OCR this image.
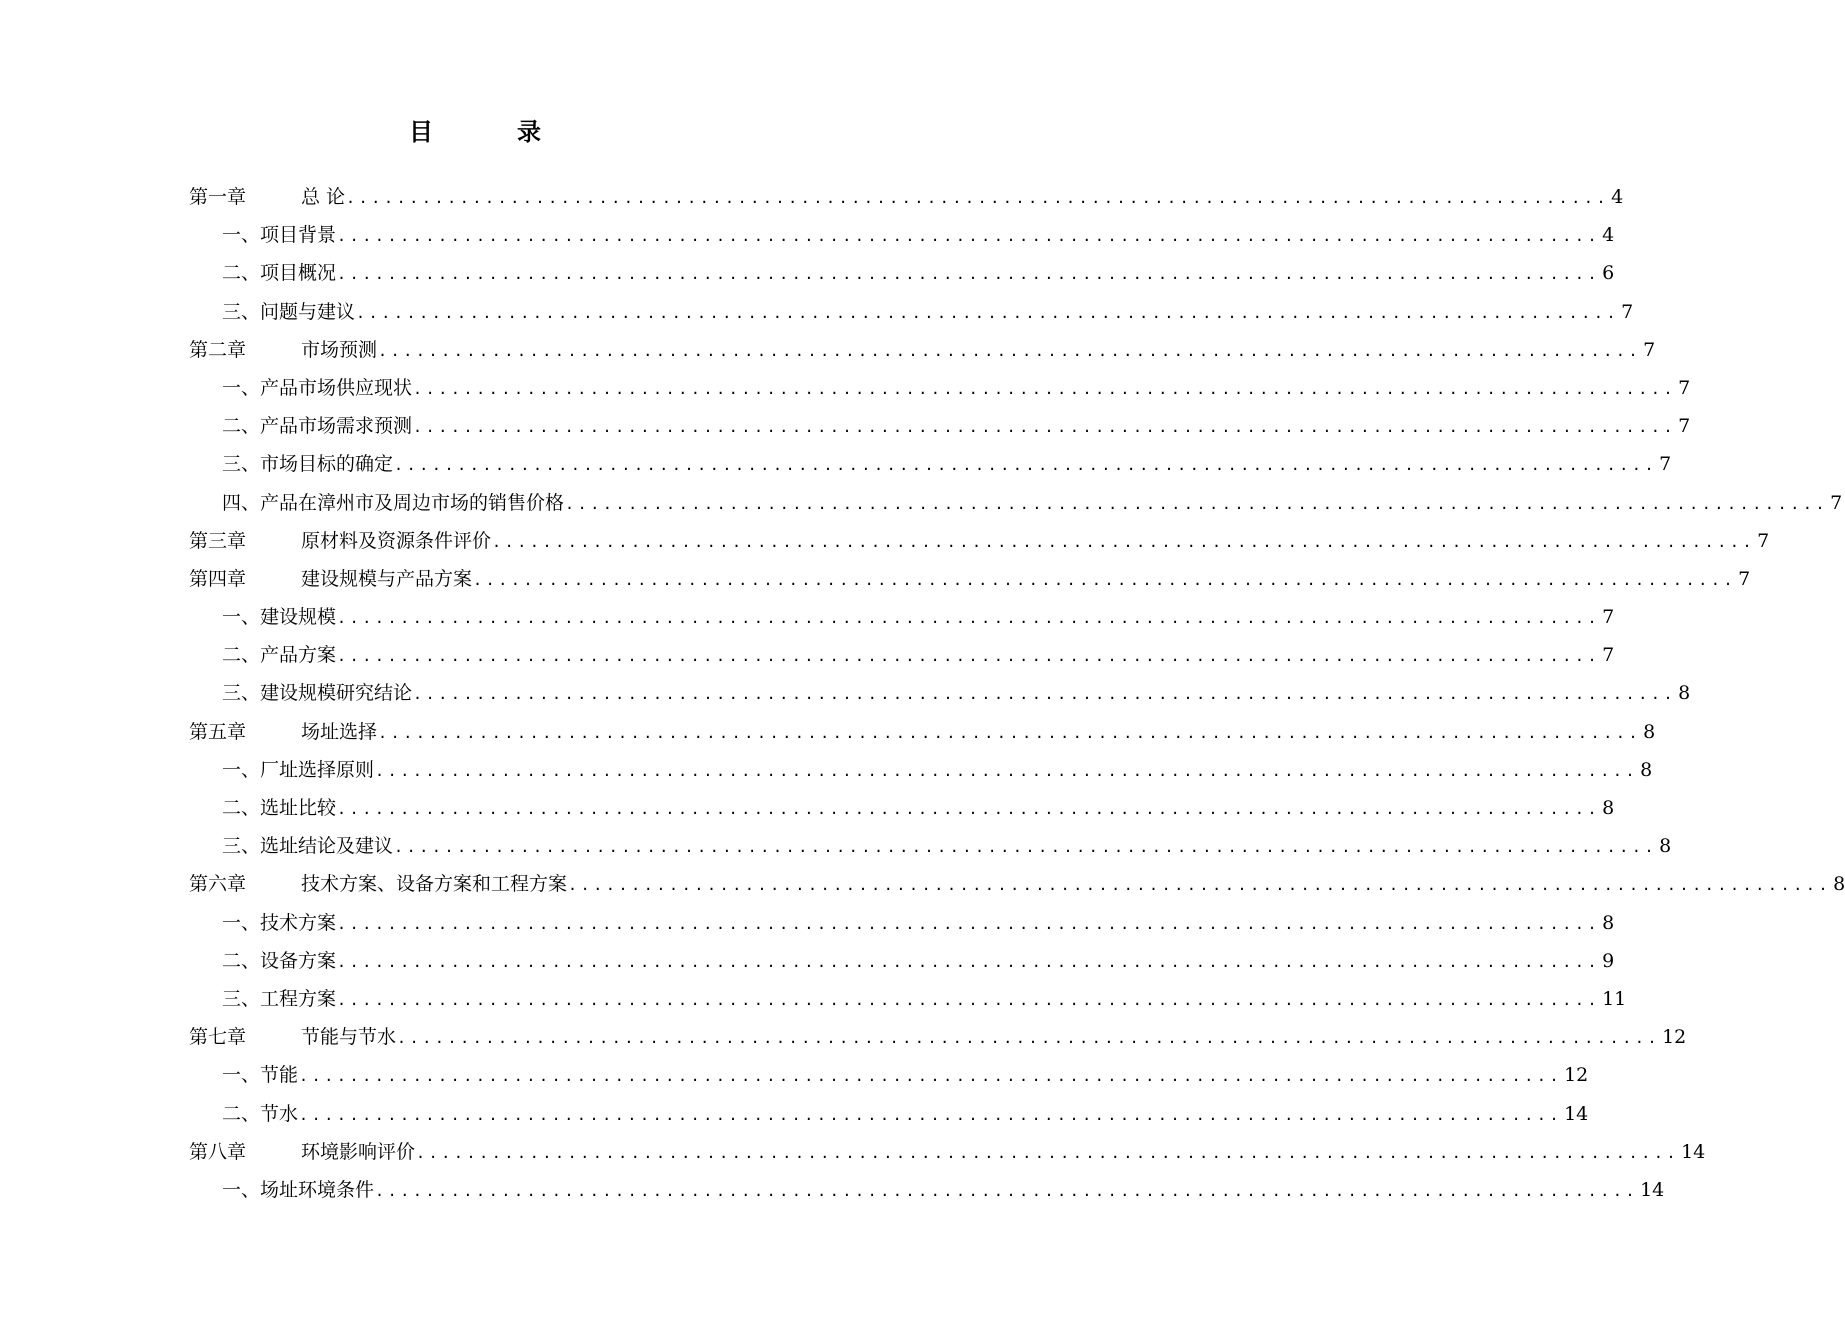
目　录
第一章	总 论 .................................................................................................... 4
一、项目背景 .................................................................................................... 4
二、项目概况 .................................................................................................... 6
三、问题与建议 .................................................................................................... 7
第二章	市场预测 .................................................................................................... 7
一、产品市场供应现状 .................................................................................................... 7
二、产品市场需求预测 .................................................................................................... 7
三、市场目标的确定 .................................................................................................... 7
四、产品在漳州市及周边市场的销售价格 .................................................................................................... 7
第三章	原材料及资源条件评价 .................................................................................................... 7
第四章	建设规模与产品方案 .................................................................................................... 7
一、建设规模 .................................................................................................... 7
二、产品方案 .................................................................................................... 7
三、建设规模研究结论 .................................................................................................... 8
第五章	场址选择 .................................................................................................... 8
一、厂址选择原则 .................................................................................................... 8
二、选址比较 .................................................................................................... 8
三、选址结论及建议 .................................................................................................... 8
第六章	技术方案、设备方案和工程方案 .................................................................................................... 8
一、技术方案 .................................................................................................... 8
二、设备方案 .................................................................................................... 9
三、工程方案 .................................................................................................... 11
第七章	节能与节水 .................................................................................................... 12
一、节能 .................................................................................................... 12
二、节水 .................................................................................................... 14
第八章	环境影响评价 .................................................................................................... 14
一、场址环境条件 .................................................................................................... 14
